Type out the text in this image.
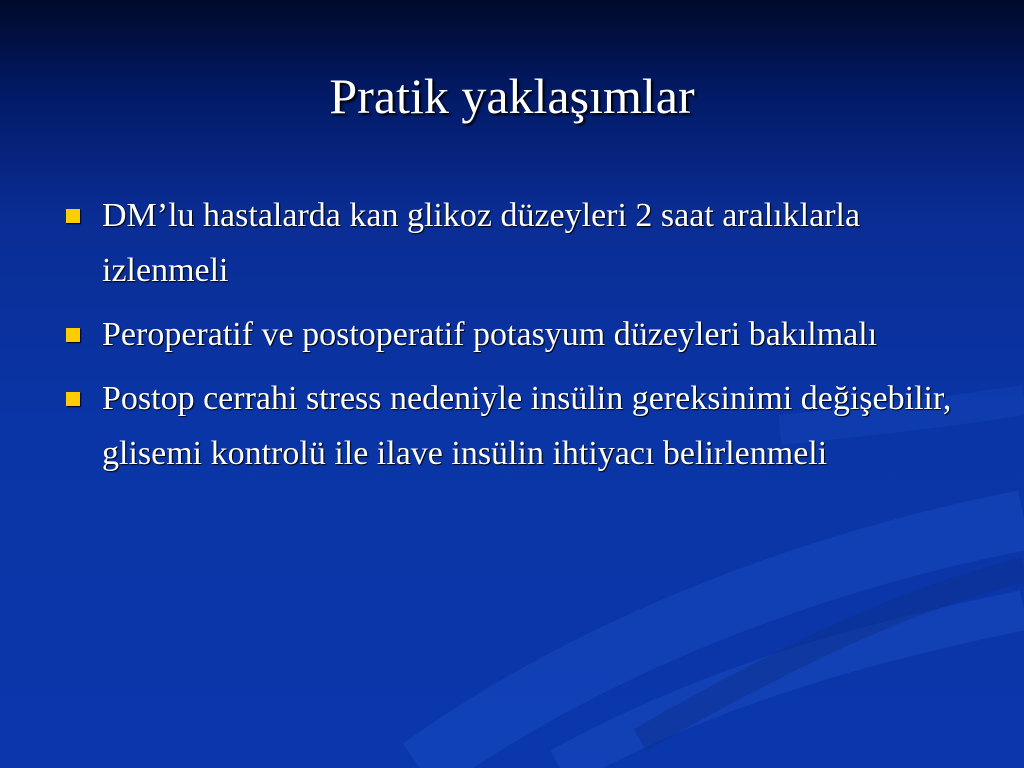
Pratik yaklaşımlar
DM’lu hastalarda kan glikoz düzeyleri 2 saat aralıklarla izlenmeli
Peroperatif ve postoperatif potasyum düzeyleri bakılmalı
Postop cerrahi stress nedeniyle insülin gereksinimi değişebilir, glisemi kontrolü ile ilave insülin ihtiyacı belirlenmeli
